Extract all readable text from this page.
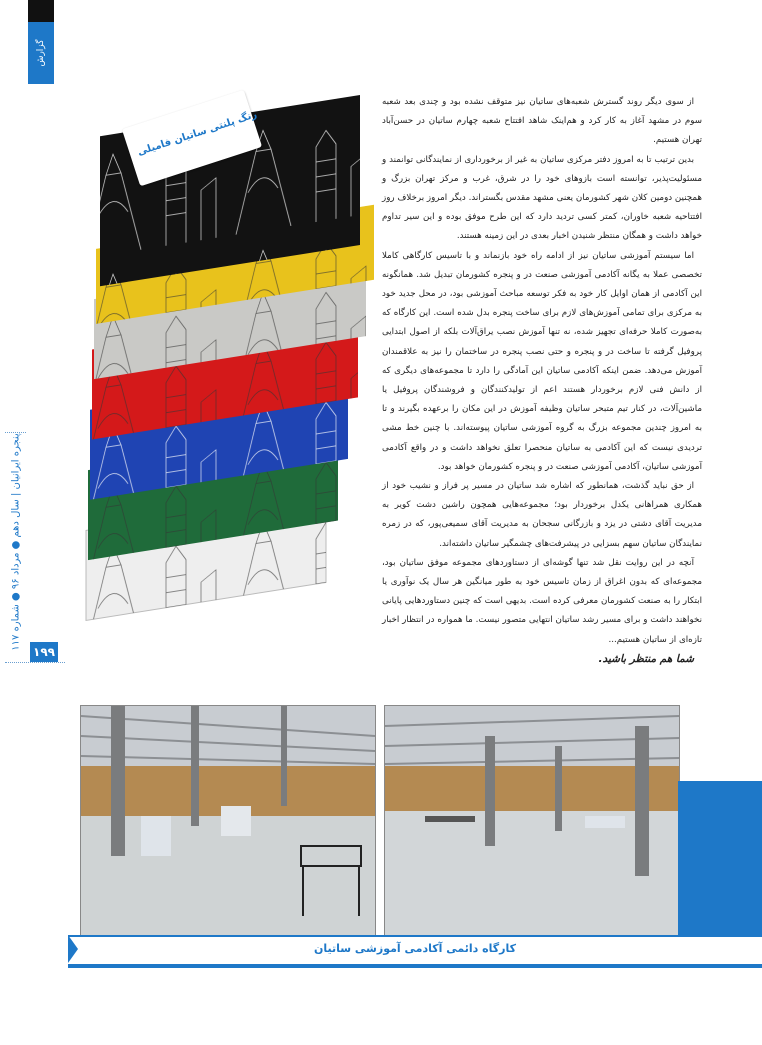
گزارش
پنجره ایرانیان | سال دهم ● مرداد ۹۶ ● شماره ۱۱۷
۱۹۹
رنگ پلنتی ساتیان فامیلی

از سوی دیگر روند گسترش شعبه‌های ساتیان نیز متوقف نشده بود و چندی بعد شعبه سوم در مشهد آغاز به کار کرد و هم‌اینک شاهد افتتاح شعبه چهارم ساتیان در حسن‌آباد تهران هستیم.

بدین ترتیب تا به امروز دفتر مرکزی ساتیان به غیر از برخورداری از نمایندگانی توانمند و مسئولیت‌پذیر، توانسته است بازوهای خود را در شرق، غرب و مرکز تهران بزرگ و همچنین دومین کلان شهر کشورمان یعنی مشهد مقدس بگستراند. دیگر امروز برخلاف روز افتتاحیه شعبه خاوران، کمتر کسی تردید دارد که این طرح موفق بوده و این سیر تداوم خواهد داشت و همگان منتظر شنیدن اخبار بعدی در این زمینه هستند.

اما سیستم آموزشی ساتیان نیز از ادامه راه خود بازنماند و با تاسیس کارگاهی کاملا تخصصی عملا به یگانه آکادمی آموزشی صنعت در و پنجره کشورمان تبدیل شد. همانگونه این آکادمی از همان اوایل کار خود به فکر توسعه مباحث آموزشی بود، در محل جدید خود به مرکزی برای تمامی آموزش‌های لازم برای ساخت پنجره بدل شده است. این کارگاه که به‌صورت کاملا حرفه‌ای تجهیز شده، نه تنها آموزش نصب یراق‌آلات بلکه از اصول ابتدایی پروفیل گرفته تا ساخت در و پنجره و حتی نصب پنجره در ساختمان را نیز به علاقمندان آموزش می‌دهد. ضمن اینکه آکادمی ساتیان این آمادگی را دارد تا مجموعه‌های دیگری که از دانش فنی لازم برخوردار هستند اعم از تولیدکنندگان و فروشندگان پروفیل یا ماشین‌آلات، در کنار تیم متبحر ساتیان وظیفه آموزش در این مکان را برعهده بگیرند و تا به امروز چندین مجموعه بزرگ به گروه آموزشی ساتیان پیوسته‌اند. با چنین خط مشی تردیدی نیست که این آکادمی به ساتیان منحصرا تعلق نخواهد داشت و در واقع آکادمی آموزشی ساتیان، آکادمی آموزشی صنعت در و پنجره کشورمان خواهد بود.

از حق نباید گذشت، همانطور که اشاره شد ساتیان در مسیر پر فراز و نشیب خود از همکاری همراهانی یکدل برخوردار بود؛ مجموعه‌هایی همچون راشین دشت کویر به مدیریت آقای دشتی در یزد و بازرگانی سجحان به مدیریت آقای سمیعی‌پور، که در زمره نمایندگان ساتیان سهم بسزایی در پیشرفت‌های چشمگیر ساتیان داشته‌اند.

آنچه در این روایت نقل شد تنها گوشه‌ای از دستاوردهای مجموعه موفق ساتیان بود، مجموعه‌ای که بدون اغراق از زمان تاسیس خود به طور میانگین هر سال یک نوآوری یا ابتکار را به صنعت کشورمان معرفی کرده است. بدیهی است که چنین دستاوردهایی پایانی نخواهند داشت و برای مسیر رشد ساتیان انتهایی متصور نیست. ما همواره در انتظار اخبار تازه‌ای از ساتیان هستیم...

شما هم منتظر باشید.

کارگاه دائمی آکادمی آموزشی ساتیان
